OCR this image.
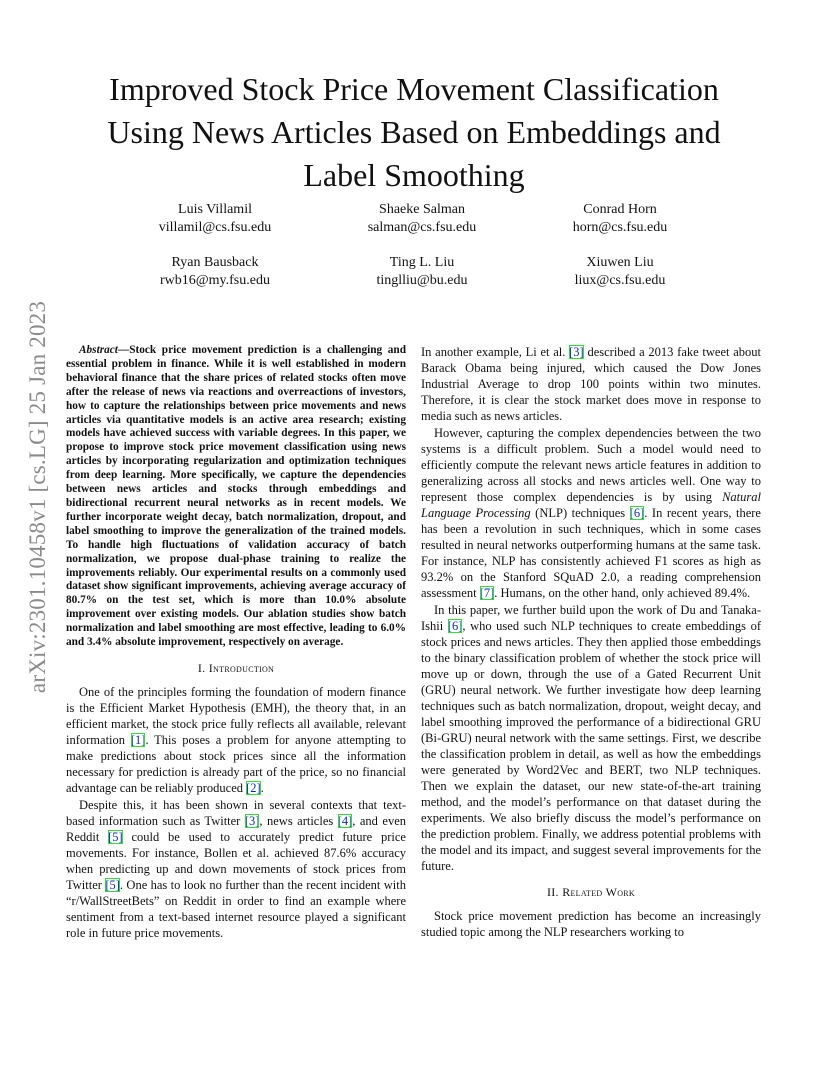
arXiv:2301.10458v1 [cs.LG] 25 Jan 2023
Improved Stock Price Movement Classification
Using News Articles Based on Embeddings and
Label Smoothing
Luis Villamil
villamil@cs.fsu.edu
Shaeke Salman
salman@cs.fsu.edu
Conrad Horn
horn@cs.fsu.edu
Ryan Bausback
rwb16@my.fsu.edu
Ting L. Liu
tinglliu@bu.edu
Xiuwen Liu
liux@cs.fsu.edu

Abstract—Stock price movement prediction is a challenging and essential problem in finance. While it is well established in modern behavioral finance that the share prices of related stocks often move after the release of news via reactions and overreactions of investors, how to capture the relationships between price movements and news articles via quantitative models is an active area research; existing models have achieved success with variable degrees. In this paper, we propose to improve stock price movement classification using news articles by incorporating regularization and optimization techniques from deep learning. More specifically, we capture the dependencies between news articles and stocks through embeddings and bidirectional recurrent neural networks as in recent models. We further incorporate weight decay, batch normalization, dropout, and label smoothing to improve the generalization of the trained models. To handle high fluctuations of validation accuracy of batch normalization, we propose dual-phase training to realize the improvements reliably. Our experimental results on a commonly used dataset show significant improvements, achieving average accuracy of 80.7% on the test set, which is more than 10.0% absolute improvement over existing models. Our ablation studies show batch normalization and label smoothing are most effective, leading to 6.0% and 3.4% absolute improvement, respectively on average.

I. Introduction

One of the principles forming the foundation of modern finance is the Efficient Market Hypothesis (EMH), the theory that, in an efficient market, the stock price fully reflects all available, relevant information [ 1 ] . This poses a problem for anyone attempting to make predictions about stock prices since all the information necessary for prediction is already part of the price, so no financial advantage can be reliably produced [ 2 ] .

Despite this, it has been shown in several contexts that text-based information such as Twitter [ 3 ] , news articles [ 4 ] , and even Reddit [ 5 ] could be used to accurately predict future price movements. For instance, Bollen et al. achieved 87.6% accuracy when predicting up and down movements of stock prices from Twitter [ 5 ] . One has to look no further than the recent incident with “r/WallStreetBets” on Reddit in order to find an example where sentiment from a text-based internet resource played a significant role in future price movements.

In another example, Li et al. [ 3 ] described a 2013 fake tweet about Barack Obama being injured, which caused the Dow Jones Industrial Average to drop 100 points within two minutes. Therefore, it is clear the stock market does move in response to media such as news articles.

However, capturing the complex dependencies between the two systems is a difficult problem. Such a model would need to efficiently compute the relevant news article features in addition to generalizing across all stocks and news articles well. One way to represent those complex dependencies is by using Natural Language Processing (NLP) techniques [ 6 ] . In recent years, there has been a revolution in such techniques, which in some cases resulted in neural networks outperforming humans at the same task. For instance, NLP has consistently achieved F1 scores as high as 93.2% on the Stanford SQuAD 2.0, a reading comprehension assessment [ 7 ] . Humans, on the other hand, only achieved 89.4%.

In this paper, we further build upon the work of Du and Tanaka-Ishii [ 6 ] , who used such NLP techniques to create embeddings of stock prices and news articles. They then applied those embeddings to the binary classification problem of whether the stock price will move up or down, through the use of a Gated Recurrent Unit (GRU) neural network. We further investigate how deep learning techniques such as batch normalization, dropout, weight decay, and label smoothing improved the performance of a bidirectional GRU (Bi-GRU) neural network with the same settings. First, we describe the classification problem in detail, as well as how the embeddings were generated by Word2Vec and BERT, two NLP techniques. Then we explain the dataset, our new state-of-the-art training method, and the model’s performance on that dataset during the experiments. We also briefly discuss the model’s performance on the prediction problem. Finally, we address potential problems with the model and its impact, and suggest several improvements for the future.

II. Related Work

Stock price movement prediction has become an increasingly studied topic among the NLP researchers working to
